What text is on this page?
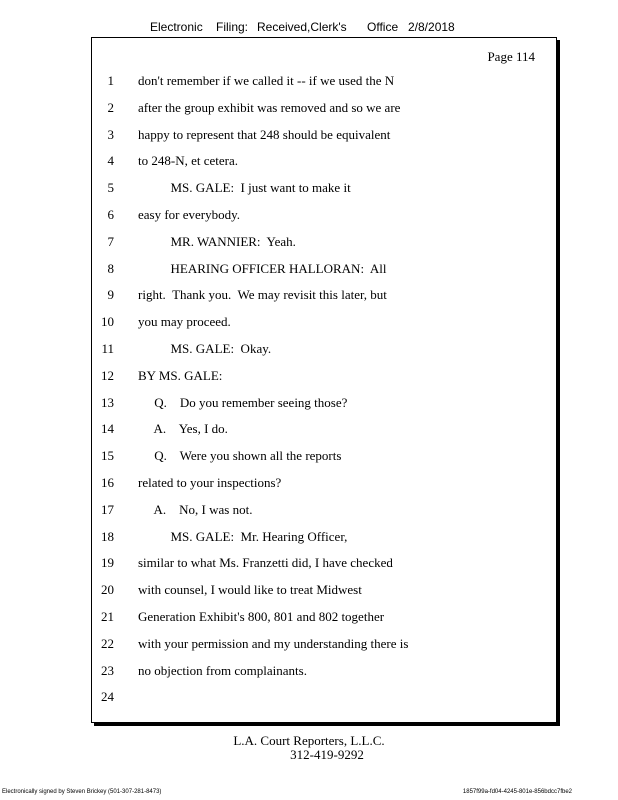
Electronic Filing: Received,Clerk's Office 2/8/2018
Page 114
1 don't remember if we called it -- if we used the N
2 after the group exhibit was removed and so we are
3 happy to represent that 248 should be equivalent
4 to 248-N, et cetera.
5 MS. GALE:  I just want to make it
6 easy for everybody.
7 MR. WANNIER:  Yeah.
8 HEARING OFFICER HALLORAN:  All
9 right.  Thank you.  We may revisit this later, but
10 you may proceed.
11 MS. GALE:  Okay.
12 BY MS. GALE:
13 Q.    Do you remember seeing those?
14 A.    Yes, I do.
15 Q.    Were you shown all the reports
16 related to your inspections?
17 A.    No, I was not.
18 MS. GALE:  Mr. Hearing Officer,
19 similar to what Ms. Franzetti did, I have checked
20 with counsel, I would like to treat Midwest
21 Generation Exhibit's 800, 801 and 802 together
22 with your permission and my understanding there is
23 no objection from complainants.
24
L.A. Court Reporters, L.L.C.
312-419-9292
Electronically signed by Steven Brickey (501-307-281-8473)	1857f99a-fd04-4245-801e-856bdcc7fbe2
